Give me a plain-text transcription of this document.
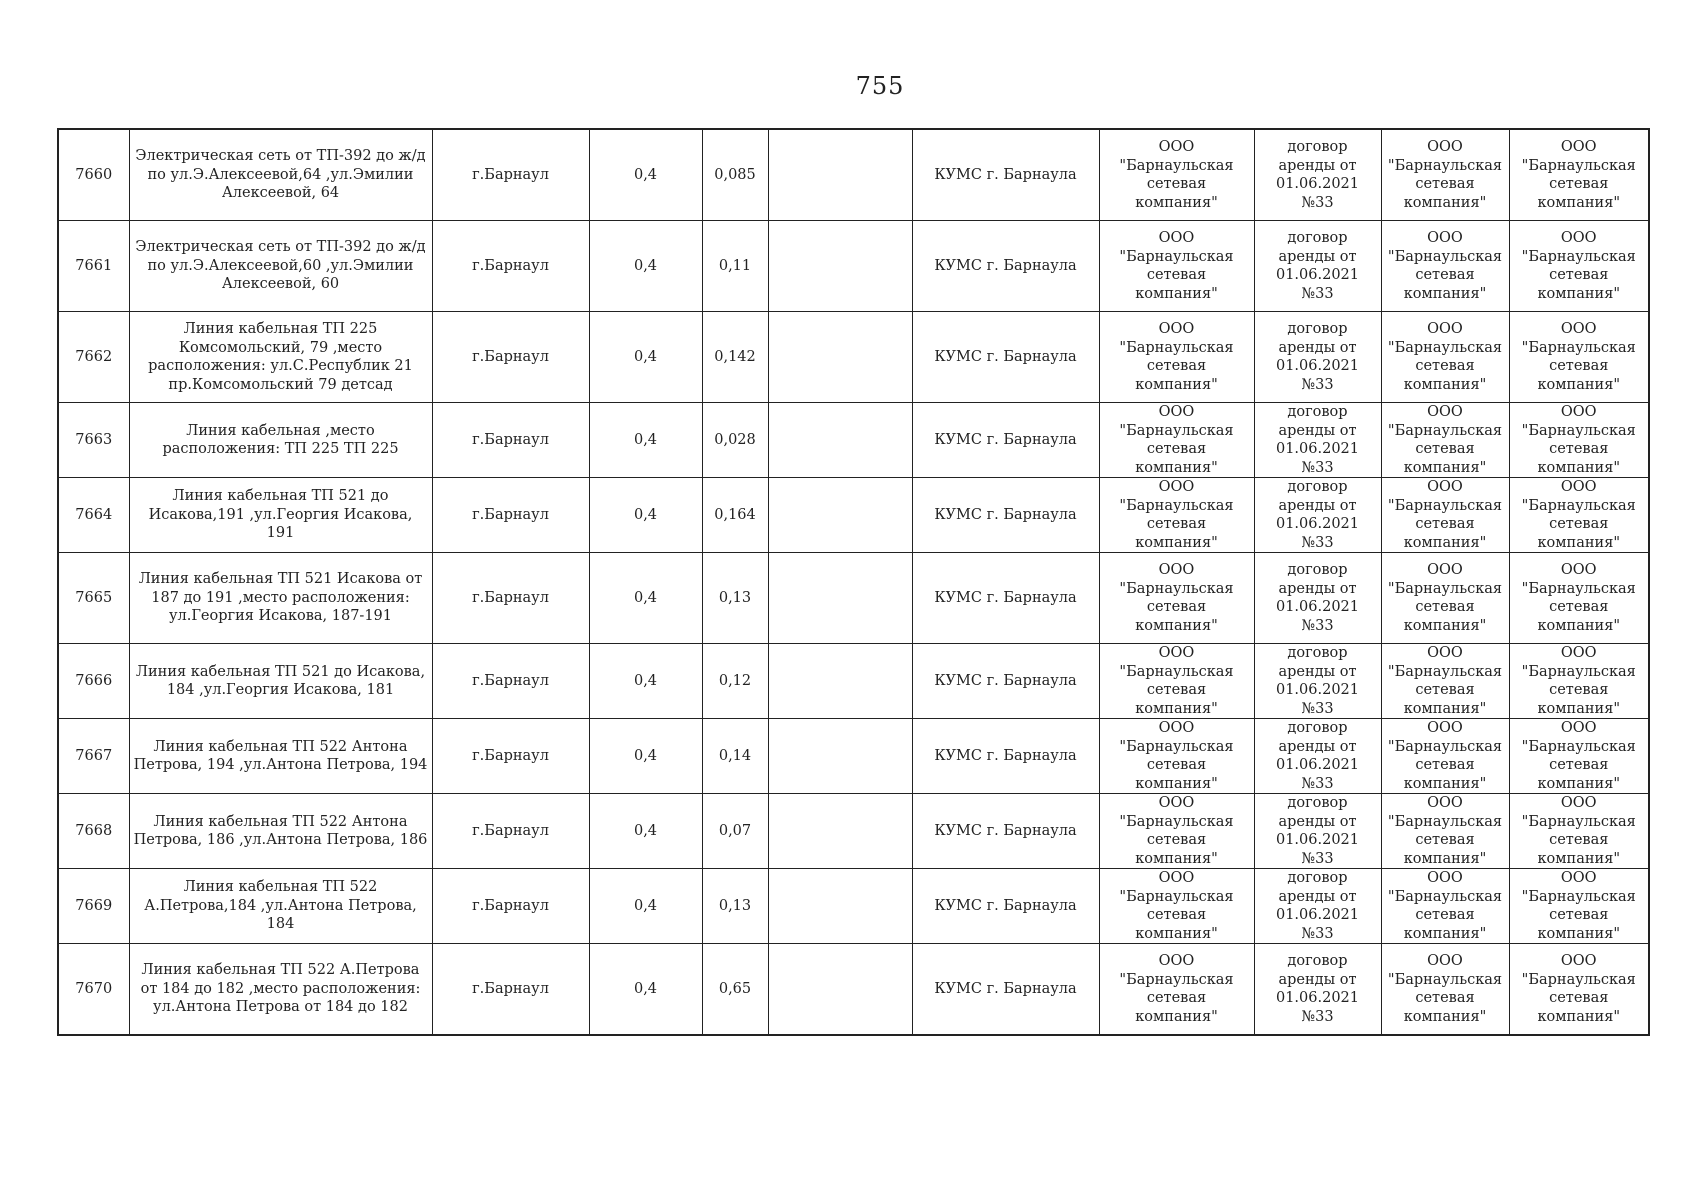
755
7660	Электрическая сеть от ТП-392 до ж/д по ул.Э.Алексеевой,64 ,ул.Эмилии Алексеевой, 64	г.Барнаул	0,4	0,085		КУМС г. Барнаула	ООО "Барнаульская сетевая компания"	договор аренды от 01.06.2021 №33	ООО "Барнаульская сетевая компания"	ООО "Барнаульская сетевая компания"
7661	Электрическая сеть от ТП-392 до ж/д по ул.Э.Алексеевой,60 ,ул.Эмилии Алексеевой, 60	г.Барнаул	0,4	0,11		КУМС г. Барнаула	ООО "Барнаульская сетевая компания"	договор аренды от 01.06.2021 №33	ООО "Барнаульская сетевая компания"	ООО "Барнаульская сетевая компания"
7662	Линия кабельная ТП 225 Комсомольский, 79 ,место расположения: ул.С.Республик 21 пр.Комсомольский 79 детсад	г.Барнаул	0,4	0,142		КУМС г. Барнаула	ООО "Барнаульская сетевая компания"	договор аренды от 01.06.2021 №33	ООО "Барнаульская сетевая компания"	ООО "Барнаульская сетевая компания"
7663	Линия кабельная ,место расположения: ТП 225 ТП 225	г.Барнаул	0,4	0,028		КУМС г. Барнаула	ООО "Барнаульская сетевая компания"	договор аренды от 01.06.2021 №33	ООО "Барнаульская сетевая компания"	ООО "Барнаульская сетевая компания"
7664	Линия кабельная ТП 521 до Исакова,191 ,ул.Георгия Исакова, 191	г.Барнаул	0,4	0,164		КУМС г. Барнаула	ООО "Барнаульская сетевая компания"	договор аренды от 01.06.2021 №33	ООО "Барнаульская сетевая компания"	ООО "Барнаульская сетевая компания"
7665	Линия кабельная ТП 521 Исакова от 187 до 191 ,место расположения: ул.Георгия Исакова, 187-191	г.Барнаул	0,4	0,13		КУМС г. Барнаула	ООО "Барнаульская сетевая компания"	договор аренды от 01.06.2021 №33	ООО "Барнаульская сетевая компания"	ООО "Барнаульская сетевая компания"
7666	Линия кабельная ТП 521 до Исакова, 184 ,ул.Георгия Исакова, 181	г.Барнаул	0,4	0,12		КУМС г. Барнаула	ООО "Барнаульская сетевая компания"	договор аренды от 01.06.2021 №33	ООО "Барнаульская сетевая компания"	ООО "Барнаульская сетевая компания"
7667	Линия кабельная ТП 522 Антона Петрова, 194 ,ул.Антона Петрова, 194	г.Барнаул	0,4	0,14		КУМС г. Барнаула	ООО "Барнаульская сетевая компания"	договор аренды от 01.06.2021 №33	ООО "Барнаульская сетевая компания"	ООО "Барнаульская сетевая компания"
7668	Линия кабельная ТП 522 Антона Петрова, 186 ,ул.Антона Петрова, 186	г.Барнаул	0,4	0,07		КУМС г. Барнаула	ООО "Барнаульская сетевая компания"	договор аренды от 01.06.2021 №33	ООО "Барнаульская сетевая компания"	ООО "Барнаульская сетевая компания"
7669	Линия кабельная ТП 522 А.Петрова,184 ,ул.Антона Петрова, 184	г.Барнаул	0,4	0,13		КУМС г. Барнаула	ООО "Барнаульская сетевая компания"	договор аренды от 01.06.2021 №33	ООО "Барнаульская сетевая компания"	ООО "Барнаульская сетевая компания"
7670	Линия кабельная ТП 522 А.Петрова от 184 до 182 ,место расположения: ул.Антона Петрова от 184 до 182	г.Барнаул	0,4	0,65		КУМС г. Барнаула	ООО "Барнаульская сетевая компания"	договор аренды от 01.06.2021 №33	ООО "Барнаульская сетевая компания"	ООО "Барнаульская сетевая компания"
